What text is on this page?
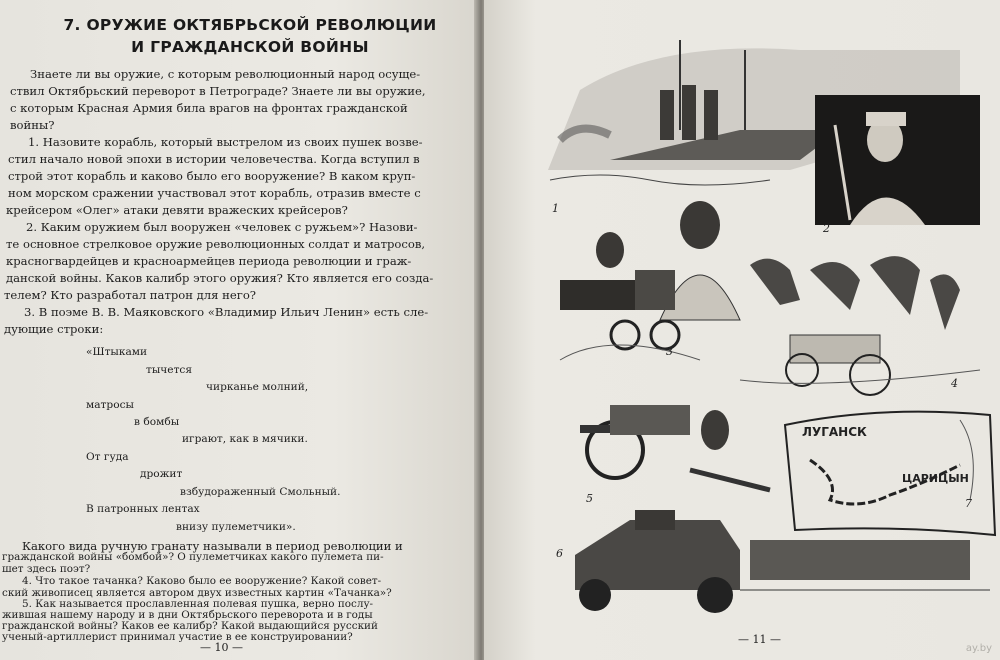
7. ОРУЖИЕ ОКТЯБРЬСКОЙ РЕВОЛЮЦИИ
И ГРАЖДАНСКОЙ ВОЙНЫ
Знаете ли вы оружие, с которым революционный народ осуще-
ствил Октябрьский переворот в Петрограде? Знаете ли вы оружие,
с которым Красная Армия била врагов на фронтах гражданской
войны?
1. Назовите корабль, который выстрелом из своих пушек возве-
стил начало новой эпохи в истории человечества. Когда вступил в
строй этот корабль и каково было его вооружение? В каком круп-
ном морском сражении участвовал этот корабль, отразив вместе с
крейсером «Олег» атаки девяти вражеских крейсеров?
2. Каким оружием был вооружен «человек с ружьем»? Назови-
те основное стрелковое оружие революционных солдат и матросов,
красногвардейцев и красноармейцев периода революции и граж-
данской войны. Каков калибр этого оружия? Кто является его создa-
телем? Кто разработал патрон для него?
3. В поэме В. В. Маяковского «Владимир Ильич Ленин» есть сле-
дующие строки:
«Штыками
тычется
чирканье молний,
матросы
в бомбы
играют, как в мячики.
От гуда
дрожит
взбудораженный Смольный.
В патронных лентах
внизу пулеметчики».
Какого вида ручную гранату называли в период революции и
гражданской войны «бомбой»? О пулеметчиках какого пулемета пи-
шет здесь поэт?
4. Что такое тачанка? Каково было ее вооружение? Какой совет-
ский живописец является автором двух известных картин «Тачанка»?
5. Как называется прославленная полевая пушка, верно послу-
жившая нашему народу и в дни Октябрьского переворота и в годы
гражданской войны? Каков ее калибр? Какой выдающийся русский
ученый-артиллерист принимал участие в ее конструировании?
— 10 —
1
2
3
4
5
6
7
ЛУГАНСК
ЦАРИЦЫН
— 11 —
ay.by
